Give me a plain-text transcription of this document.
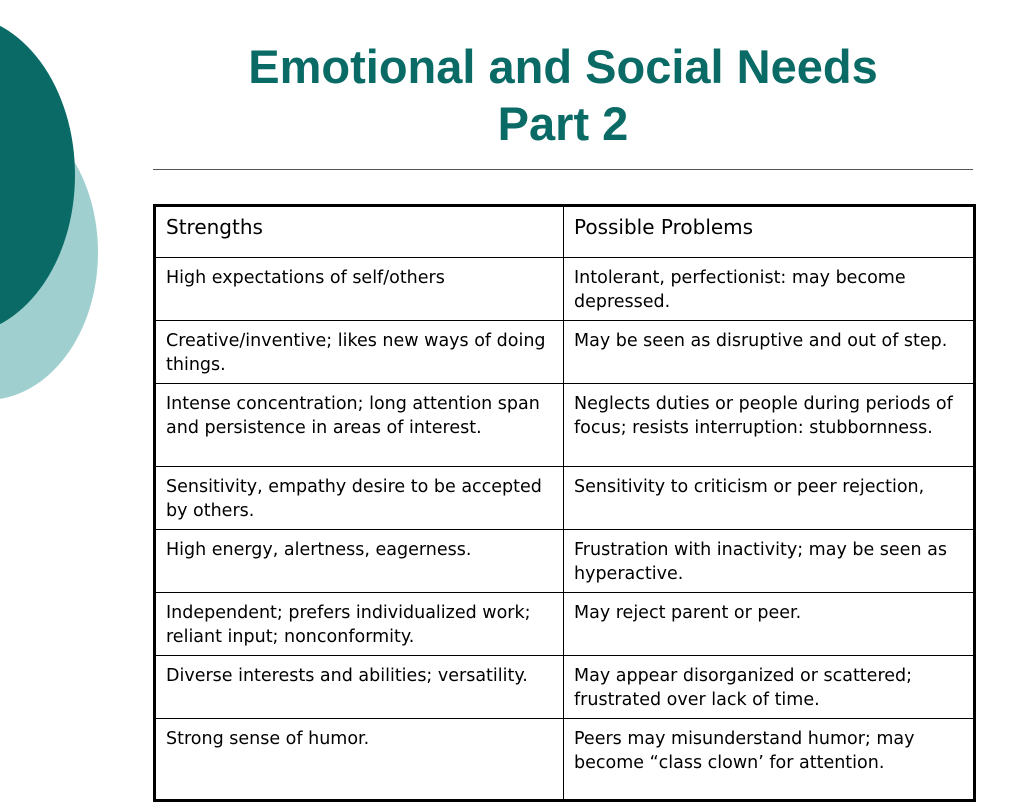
Emotional and Social Needs
Part 2
Strengths	Possible Problems
High expectations of self/others	Intolerant, perfectionist: may become depressed.
Creative/inventive; likes new ways of doing things.	May be seen as disruptive and out of step.
Intense concentration; long attention span and persistence in areas of interest.	Neglects duties or people during periods of focus; resists interruption: stubbornness.
Sensitivity, empathy desire to be accepted by others.	Sensitivity to criticism or peer rejection,
High energy, alertness, eagerness.	Frustration with inactivity; may be seen as hyperactive.
Independent; prefers individualized work; reliant input; nonconformity.	May reject parent or peer.
Diverse interests and abilities; versatility.	May appear disorganized or scattered; frustrated over lack of time.
Strong sense of humor.	Peers may misunderstand humor; may become “class clown’ for attention.
